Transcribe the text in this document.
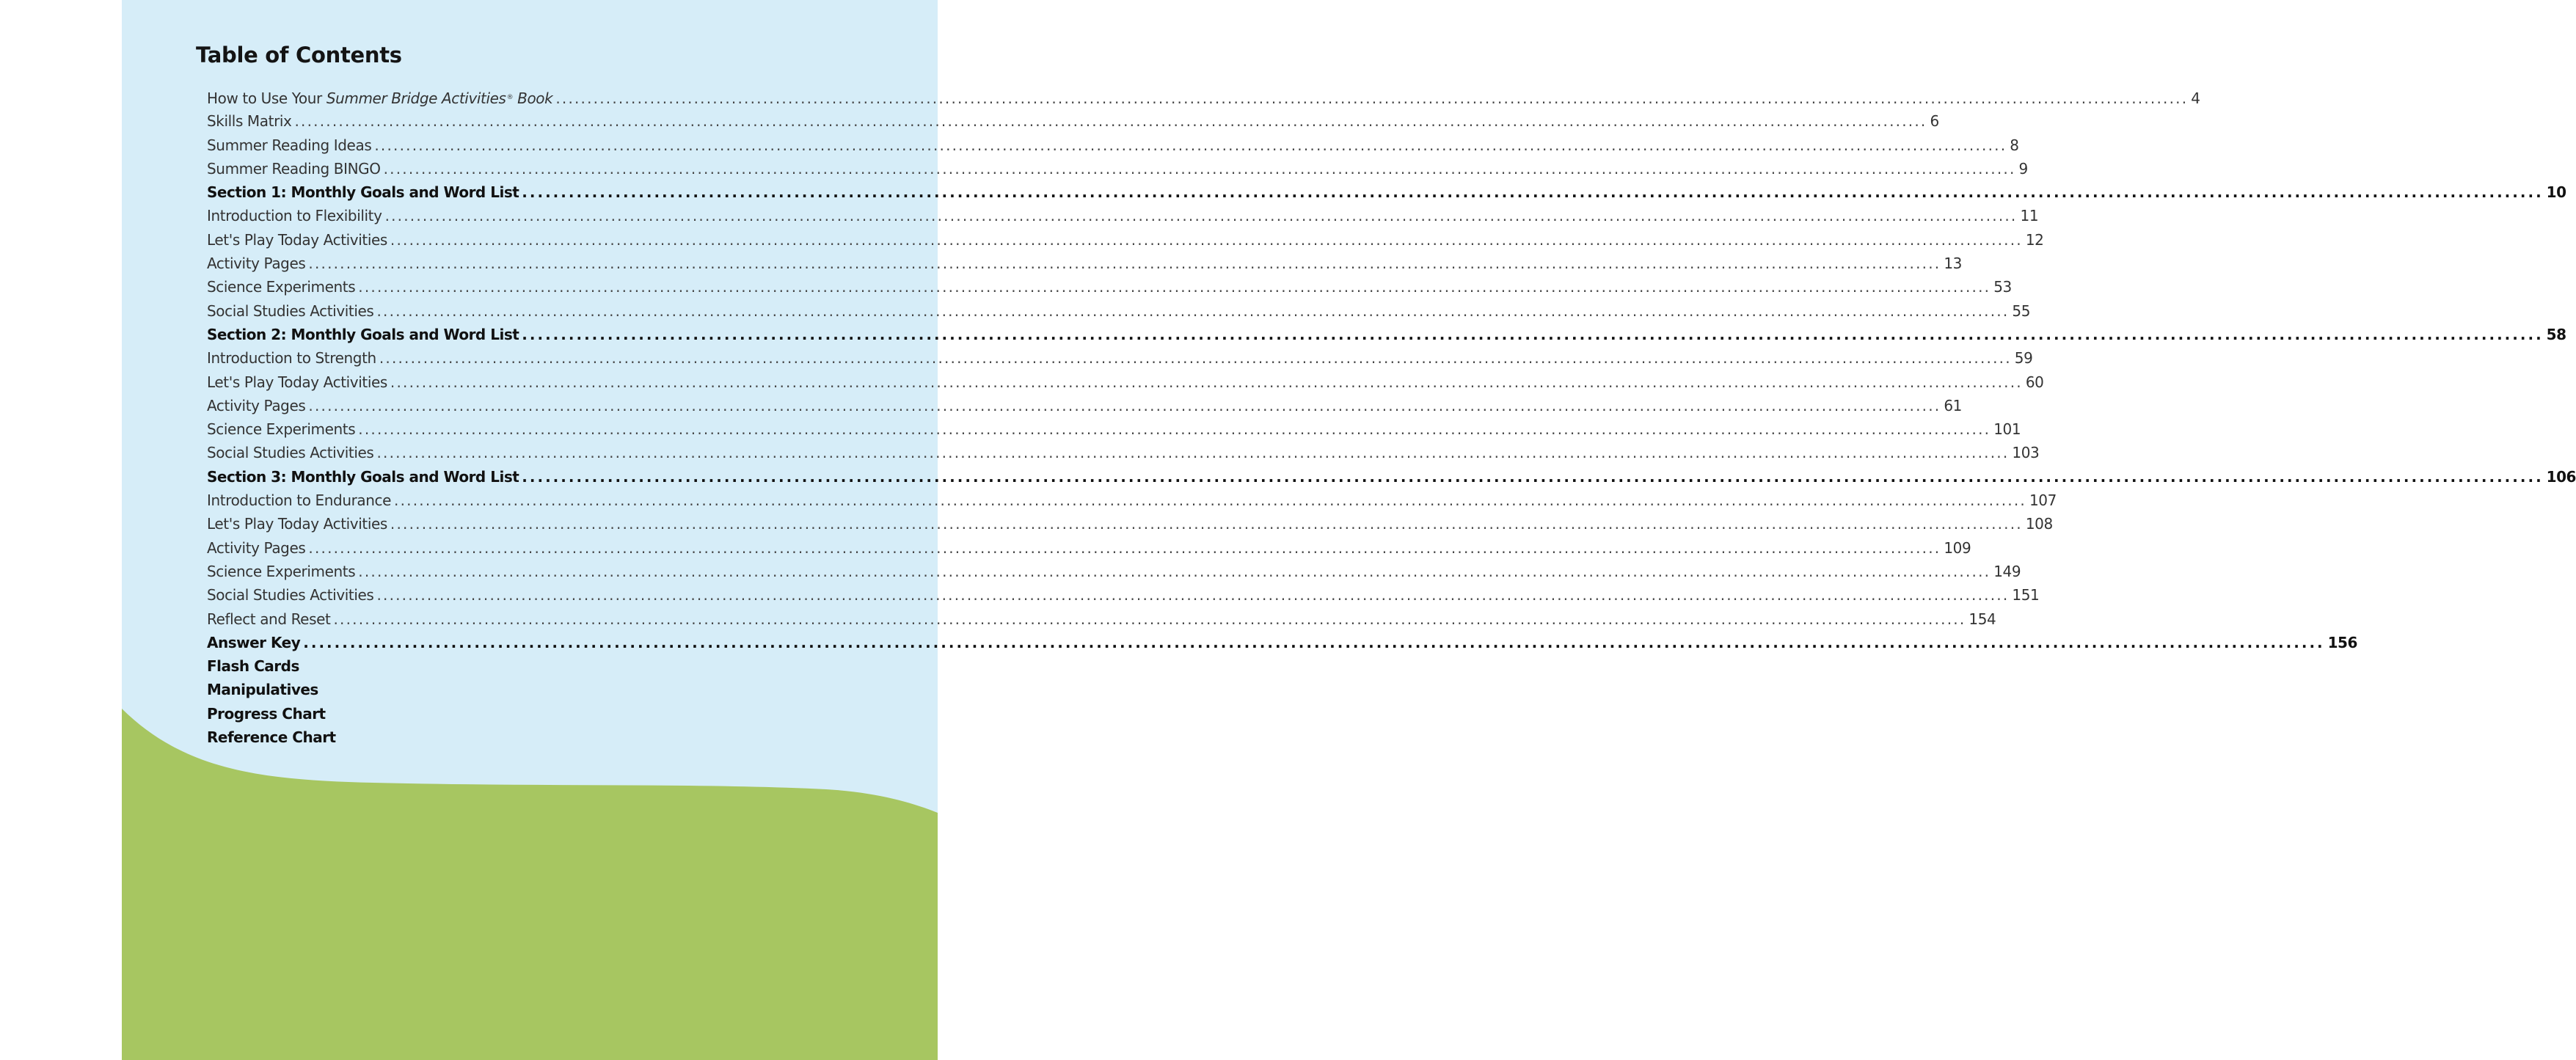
Table of Contents
How to Use Your Summer Bridge Activities® Book .................................................................................................................................................................................................................................................................... 4
Skills Matrix .................................................................................................................................................................................................................................................................... 6
Summer Reading Ideas .................................................................................................................................................................................................................................................................... 8
Summer Reading BINGO .................................................................................................................................................................................................................................................................... 9
Section 1: Monthly Goals and Word List .................................................................................................................................................................................................................................................................... 10
Introduction to Flexibility .................................................................................................................................................................................................................................................................... 11
Let's Play Today Activities .................................................................................................................................................................................................................................................................... 12
Activity Pages .................................................................................................................................................................................................................................................................... 13
Science Experiments .................................................................................................................................................................................................................................................................... 53
Social Studies Activities .................................................................................................................................................................................................................................................................... 55
Section 2: Monthly Goals and Word List .................................................................................................................................................................................................................................................................... 58
Introduction to Strength .................................................................................................................................................................................................................................................................... 59
Let's Play Today Activities .................................................................................................................................................................................................................................................................... 60
Activity Pages .................................................................................................................................................................................................................................................................... 61
Science Experiments .................................................................................................................................................................................................................................................................... 101
Social Studies Activities .................................................................................................................................................................................................................................................................... 103
Section 3: Monthly Goals and Word List .................................................................................................................................................................................................................................................................... 106
Introduction to Endurance .................................................................................................................................................................................................................................................................... 107
Let's Play Today Activities .................................................................................................................................................................................................................................................................... 108
Activity Pages .................................................................................................................................................................................................................................................................... 109
Science Experiments .................................................................................................................................................................................................................................................................... 149
Social Studies Activities .................................................................................................................................................................................................................................................................... 151
Reflect and Reset .................................................................................................................................................................................................................................................................... 154
Answer Key .................................................................................................................................................................................................................................................................... 156
Flash Cards
Manipulatives
Progress Chart
Reference Chart
